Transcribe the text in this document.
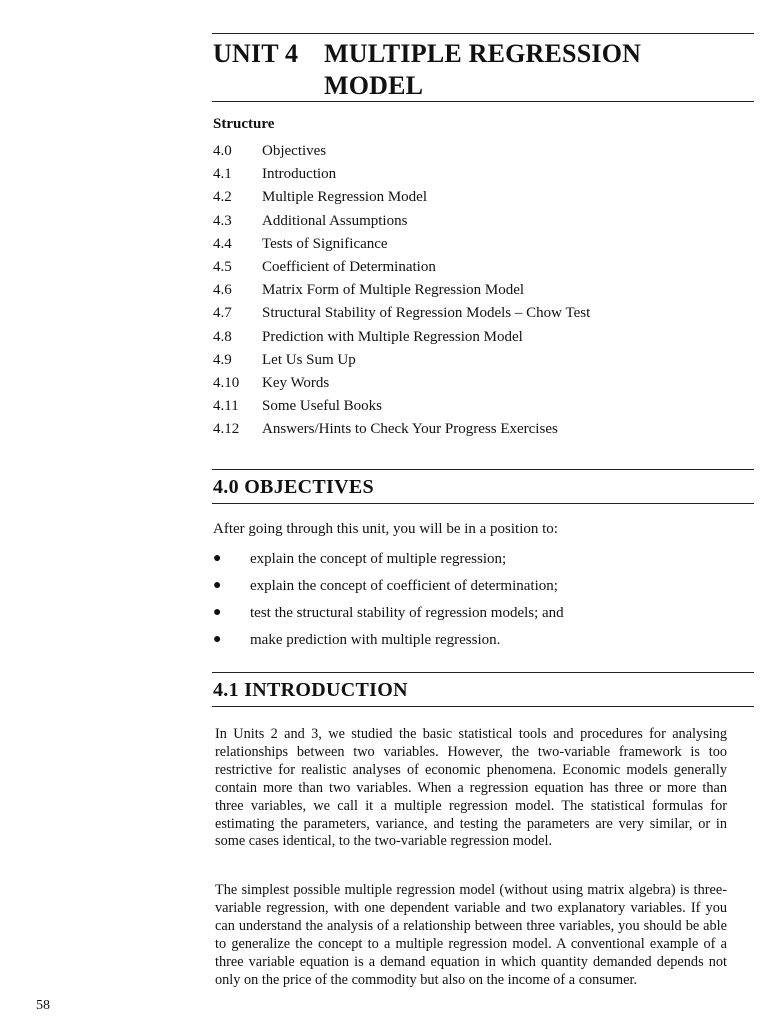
UNIT 4 MULTIPLE REGRESSION
MODEL
Structure
4.0 Objectives
4.1 Introduction
4.2 Multiple Regression Model
4.3 Additional Assumptions
4.4 Tests of Significance
4.5 Coefficient of Determination
4.6 Matrix Form of Multiple Regression Model
4.7 Structural Stability of Regression Models – Chow Test
4.8 Prediction with Multiple Regression Model
4.9 Let Us Sum Up
4.10 Key Words
4.11 Some Useful Books
4.12 Answers/Hints to Check Your Progress Exercises
4.0 OBJECTIVES
After going through this unit, you will be in a position to:
● explain the concept of multiple regression;
● explain the concept of coefficient of determination;
● test the structural stability of regression models; and
● make prediction with multiple regression.
4.1 INTRODUCTION

In Units 2 and 3, we studied the basic statistical tools and procedures for analysing relationships between two variables. However, the two-variable framework is too restrictive for realistic analyses of economic phenomena. Economic models generally contain more than two variables. When a regression equation has three or more than three variables, we call it a multiple regression model. The statistical formulas for estimating the parameters, variance, and testing the parameters are very similar, or in some cases identical, to the two-variable regression model.

The simplest possible multiple regression model (without using matrix algebra) is three-variable regression, with one dependent variable and two explanatory variables. If you can understand the analysis of a relationship between three variables, you should be able to generalize the concept to a multiple regression model. A conventional example of a three variable equation is a demand equation in which quantity demanded depends not only on the price of the commodity but also on the income of a consumer.

58
